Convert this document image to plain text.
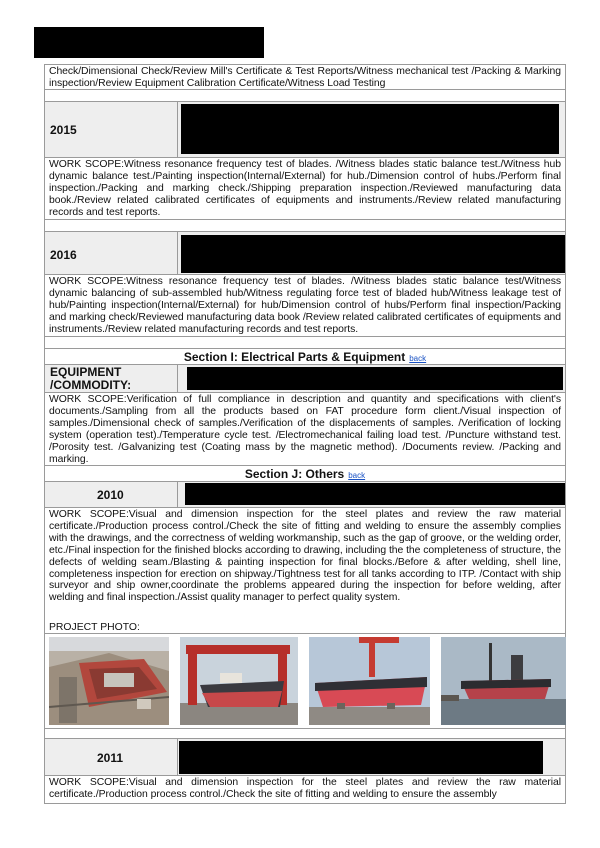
Check/Dimensional Check/Review Mill's Certificate & Test Reports/Witness mechanical test /Packing & Marking inspection/Review Equipment Calibration Certificate/Witness Load Testing
2015
WORK SCOPE:Witness resonance frequency test of blades. /Witness blades static balance test./Witness hub dynamic balance test./Painting inspection(Internal/External) for hub./Dimension control of hubs./Perform final inspection./Packing and marking check./Shipping preparation inspection./Reviewed manufacturing data book./Review related calibrated certificates of equipments and instruments./Review related manufacturing records and test reports.
2016
WORK SCOPE:Witness resonance frequency test of blades. /Witness blades static balance test/Witness dynamic balancing of sub-assembled hub/Witness regulating force test of bladed hub/Witness leakage test of hub/Painting inspection(Internal/External) for hub/Dimension control of hubs/Perform final inspection/Packing and marking check/Reviewed manufacturing data book /Review related calibrated certificates of equipments and instruments./Review related manufacturing records and test reports.
Section I: Electrical Parts & Equipment back
EQUIPMENT
/COMMODITY:
WORK SCOPE:Verification of full compliance in description and quantity and specifications with client's documents./Sampling from all the products based on FAT procedure form client./Visual inspection of samples./Dimensional check of samples./Verification of the displacements of samples. /Verification of locking system (operation test)./Temperature cycle test. /Electromechanical failing load test. /Puncture withstand test. /Porosity test. /Galvanizing test (Coating mass by the magnetic method). /Documents review. /Packing and marking.
Section J: Others back
2010
WORK SCOPE:Visual and dimension inspection for the steel plates and review the raw material certificate./Production process control./Check the site of fitting and welding to ensure the assembly complies with the drawings, and the correctness of welding workmanship, such as the gap of groove, or the welding order, etc./Final inspection for the finished blocks according to drawing, including the the completeness of structure, the defects of welding seam./Blasting & painting inspection for final blocks./Before & after welding, shell line, completeness inspection for erection on shipway./Tightness test for all tanks according to ITP. /Contact with ship surveyor and ship owner,coordinate the problems appeared during the inspection for before welding, after welding and final inspection./Assist quality manager to perfect quality system.
PROJECT PHOTO:
2011
WORK SCOPE:Visual and dimension inspection for the steel plates and review the raw material certificate./Production process control./Check the site of fitting and welding to ensure the assembly
